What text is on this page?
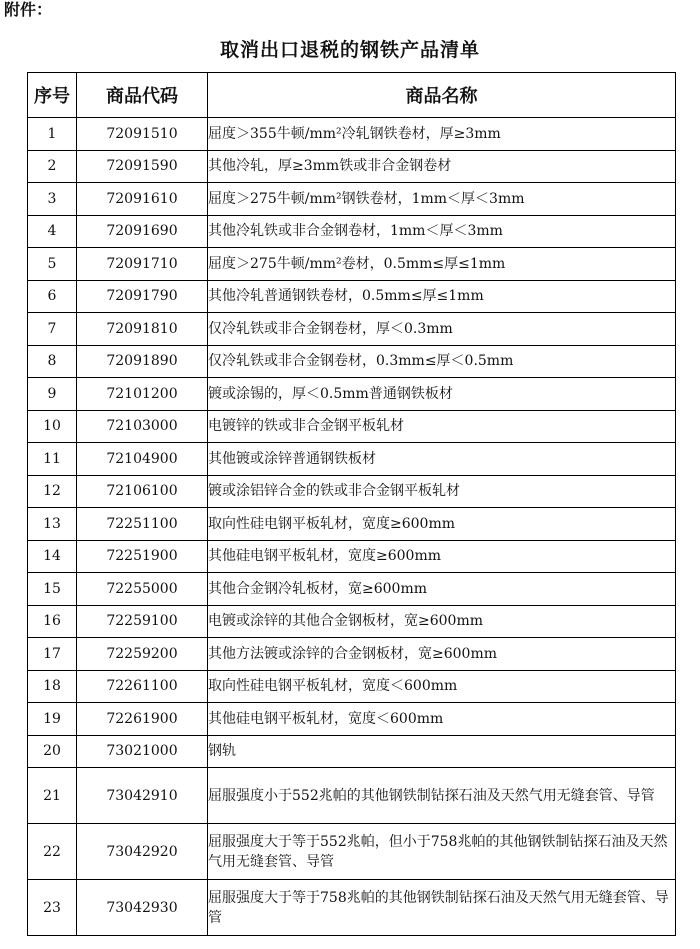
附件：
取消出口退税的钢铁产品清单
序号	商品代码	商品名称
1	72091510	屈度＞355牛顿/mm²冷轧钢铁卷材，厚≥3mm
2	72091590	其他冷轧，厚≥3mm铁或非合金钢卷材
3	72091610	屈度＞275牛顿/mm²钢铁卷材，1mm＜厚＜3mm
4	72091690	其他冷轧铁或非合金钢卷材，1mm＜厚＜3mm
5	72091710	屈度＞275牛顿/mm²卷材，0.5mm≤厚≤1mm
6	72091790	其他冷轧普通钢铁卷材，0.5mm≤厚≤1mm
7	72091810	仅冷轧铁或非合金钢卷材，厚＜0.3mm
8	72091890	仅冷轧铁或非合金钢卷材，0.3mm≤厚＜0.5mm
9	72101200	镀或涂锡的，厚＜0.5mm普通钢铁板材
10	72103000	电镀锌的铁或非合金钢平板轧材
11	72104900	其他镀或涂锌普通钢铁板材
12	72106100	镀或涂铝锌合金的铁或非合金钢平板轧材
13	72251100	取向性硅电钢平板轧材，宽度≥600mm
14	72251900	其他硅电钢平板轧材，宽度≥600mm
15	72255000	其他合金钢冷轧板材，宽≥600mm
16	72259100	电镀或涂锌的其他合金钢板材，宽≥600mm
17	72259200	其他方法镀或涂锌的合金钢板材，宽≥600mm
18	72261100	取向性硅电钢平板轧材，宽度＜600mm
19	72261900	其他硅电钢平板轧材，宽度＜600mm
20	73021000	钢轨
21	73042910	屈服强度小于552兆帕的其他钢铁制钻探石油及天然气用无缝套管、导管
22	73042920	屈服强度大于等于552兆帕，但小于758兆帕的其他钢铁制钻探石油及天然气用无缝套管、导管
23	73042930	屈服强度大于等于758兆帕的其他钢铁制钻探石油及天然气用无缝套管、导管
